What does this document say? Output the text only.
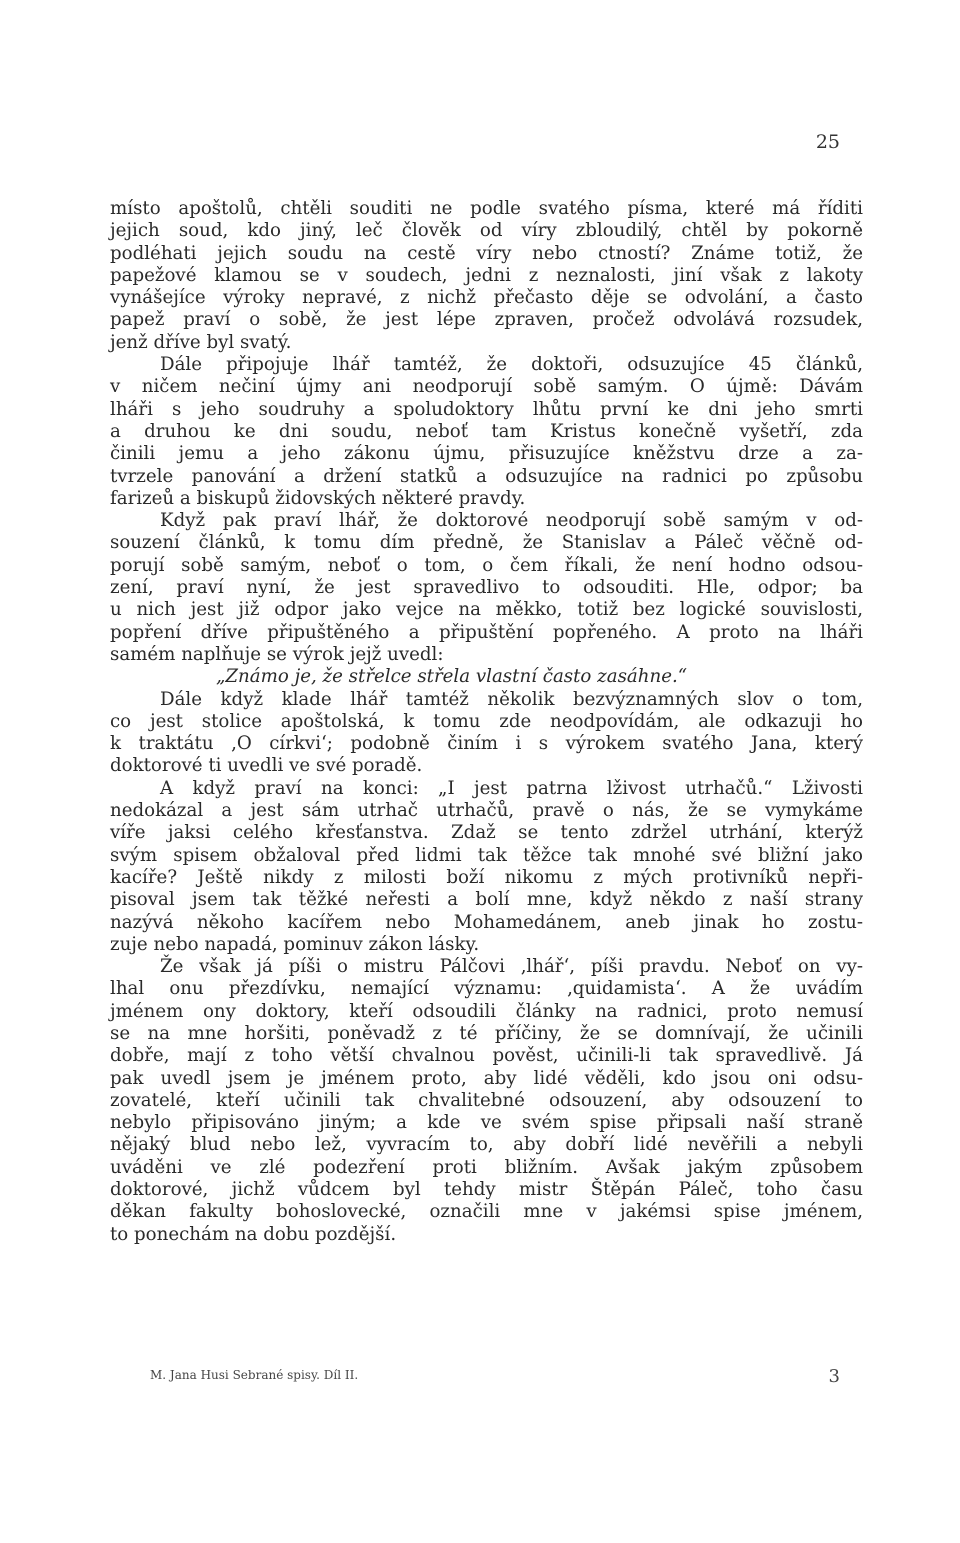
25
místo apoštolů, chtěli souditi ne podle svatého písma, které má říditi
jejich soud, kdo jiný, leč člověk od víry zbloudilý, chtěl by pokorně
podléhati jejich soudu na cestě víry nebo ctností? Známe totiž, že
papežové klamou se v soudech, jedni z neznalosti, jiní však z lakoty
vynášejíce výroky nepravé, z nichž přečasto děje se odvolání, a často
papež praví o sobě, že jest lépe zpraven, pročež odvolává rozsudek,
jenž dříve byl svatý.
Dále připojuje lhář tamtéž, že doktoři, odsuzujíce 45 článků,
v ničem nečiní újmy ani neodporují sobě samým. O újmě: Dávám
lháři s jeho soudruhy a spoludoktory lhůtu první ke dni jeho smrti
a druhou ke dni soudu, neboť tam Kristus konečně vyšetří, zda
činili jemu a jeho zákonu újmu, přisuzujíce kněžstvu drze a za-
tvrzele panování a držení statků a odsuzujíce na radnici po způsobu
farizeů a biskupů židovských některé pravdy.
Když pak praví lhář, že doktorové neodporují sobě samým v od-
souzení článků, k tomu dím předně, že Stanislav a Páleč věčně od-
porují sobě samým, neboť o tom, o čem říkali, že není hodno odsou-
zení, praví nyní, že jest spravedlivo to odsouditi. Hle, odpor; ba
u nich jest již odpor jako vejce na měkko, totiž bez logické souvislosti,
popření dříve připuštěného a připuštění popřeného. A proto na lháři
samém naplňuje se výrok jejž uvedl:
„Známo je, že střelce střela vlastní často zasáhne.“
Dále když klade lhář tamtéž několik bezvýznamných slov o tom,
co jest stolice apoštolská, k tomu zde neodpovídám, ale odkazuji ho
k traktátu ‚O církvi‘; podobně činím i s výrokem svatého Jana, který
doktorové ti uvedli ve své poradě.
A když praví na konci: „I jest patrna lživost utrhačů.“ Lživosti
nedokázal a jest sám utrhač utrhačů, pravě o nás, že se vymykáme
víře jaksi celého křesťanstva. Zdaž se tento zdržel utrhání, kterýž
svým spisem obžaloval před lidmi tak těžce tak mnohé své bližní jako
kacíře? Ještě nikdy z milosti boží nikomu z mých protivníků nepři-
pisoval jsem tak těžké neřesti a bolí mne, když někdo z naší strany
nazývá někoho kacířem nebo Mohamedánem, aneb jinak ho zostu-
zuje nebo napadá, pominuv zákon lásky.
Že však já píši o mistru Pálčovi ‚lhář‘, píši pravdu. Neboť on vy-
lhal onu přezdívku, nemající významu: ‚quidamista‘. A že uvádím
jménem ony doktory, kteří odsoudili články na radnici, proto nemusí
se na mne horšiti, poněvadž z té příčiny, že se domnívají, že učinili
dobře, mají z toho větší chvalnou pověst, učinili-li tak spravedlivě. Já
pak uvedl jsem je jménem proto, aby lidé věděli, kdo jsou oni odsu-
zovatelé, kteří učinili tak chvalitebné odsouzení, aby odsouzení to
nebylo připisováno jiným; a kde ve svém spise připsali naší straně
nějaký blud nebo lež, vyvracím to, aby dobří lidé nevěřili a nebyli
uváděni ve zlé podezření proti bližním. Avšak jakým způsobem
doktorové, jichž vůdcem byl tehdy mistr Štěpán Páleč, toho času
děkan fakulty bohoslovecké, označili mne v jakémsi spise jménem,
to ponechám na dobu pozdější.
M. Jana Husi Sebrané spisy. Díl II.	3
